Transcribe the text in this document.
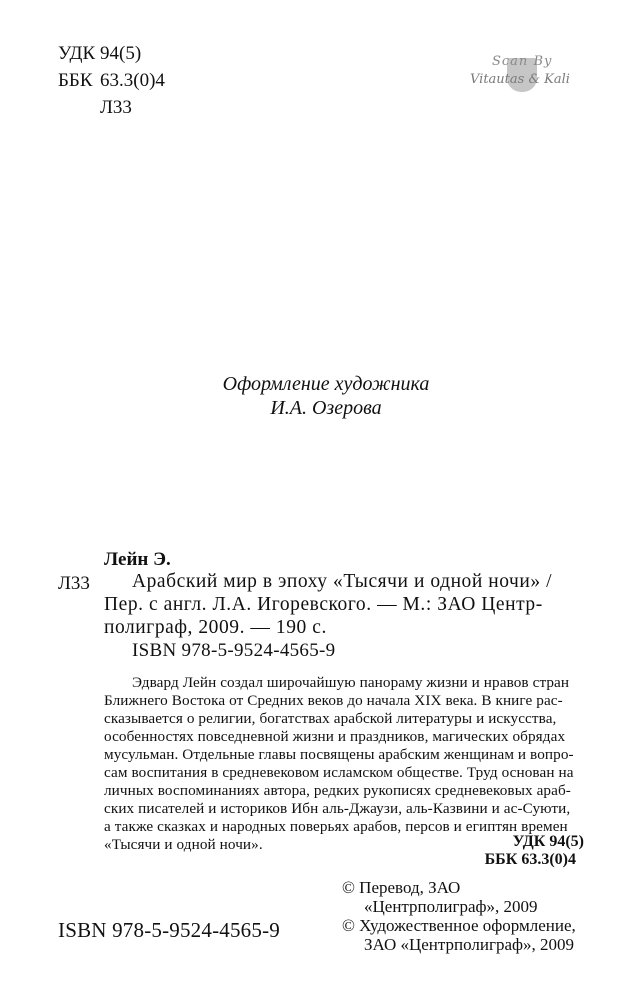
УДК 94(5)
ББК 63.3(0)4
Л33
Scan By
Vitautas & Kali
Оформление художника
И.А. Озерова
Лейн Э.
Л33	Арабский мир в эпоху «Тысячи и одной ночи» /
Пер. с англ. Л.А. Игоревского. — М.: ЗАО Центр-
полиграф, 2009. — 190 с.
ISBN 978-5-9524-4565-9
Эдвард Лейн создал широчайшую панораму жизни и нравов стран
Ближнего Востока от Средних веков до начала XIX века. В книге рас-
сказывается о религии, богатствах арабской литературы и искусства,
особенностях повседневной жизни и праздников, магических обрядах
мусульман. Отдельные главы посвящены арабским женщинам и вопро-
сам воспитания в средневековом исламском обществе. Труд основан на
личных воспоминаниях автора, редких рукописях средневековых араб-
ских писателей и историков Ибн аль-Джаузи, аль-Казвини и ас-Суюти,
а также сказках и народных поверьях арабов, персов и египтян времен
«Тысячи и одной ночи».	УДК 94(5)
ББК 63.3(0)4
© Перевод, ЗАО
«Центрполиграф», 2009
© Художественное оформление,
ЗАО «Центрполиграф», 2009
ISBN 978-5-9524-4565-9
